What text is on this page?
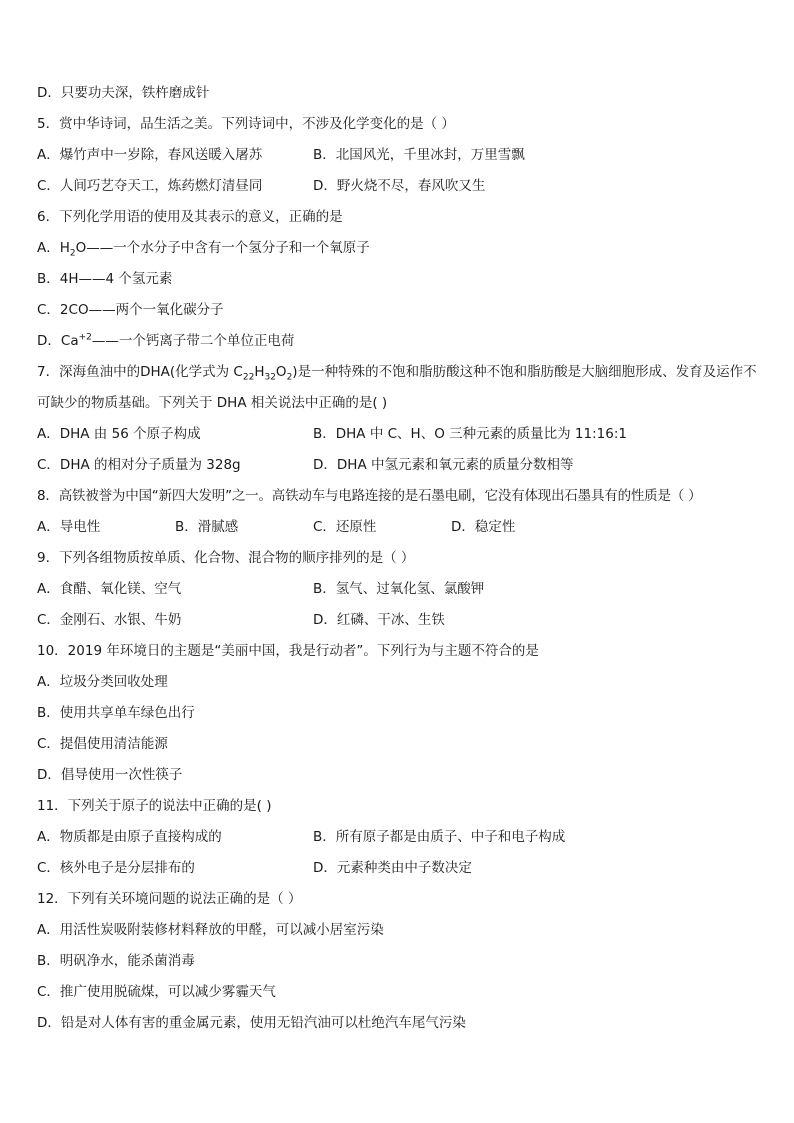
D．只要功夫深，铁杵磨成针
5．赏中华诗词，品生活之美。下列诗词中，不涉及化学变化的是（ ）
A．爆竹声中一岁除，春风送暖入屠苏	B．北国风光，千里冰封，万里雪飘
C．人间巧艺夺天工，炼药燃灯清昼同	D．野火烧不尽，春风吹又生
6．下列化学用语的使用及其表示的意义，正确的是
A．$H_2O——$一个水分子中含有一个氢分子和一个氧原子
B．4H——4 个氢元素
C．2CO——两个一氧化碳分子
D．$Ca^{+2}——$一个钙离子带二个单位正电荷
7．深海鱼油中的DHA(化学式为 $C_{22}H_{32}O_2$)是一种特殊的不饱和脂肪酸这种不饱和脂肪酸是大脑细胞形成、发育及运作不可缺少的物质基础。下列关于 DHA 相关说法中正确的是( )
A．DHA 由 56 个原子构成	B．DHA 中 C、H、O 三种元素的质量比为 11:16:1
C．DHA 的相对分子质量为 328g	D．DHA 中氢元素和氧元素的质量分数相等
8．高铁被誉为中国“新四大发明”之一。高铁动车与电路连接的是石墨电刷，它没有体现出石墨具有的性质是（ ）
A．导电性	B．滑腻感	C．还原性	D．稳定性
9．下列各组物质按单质、化合物、混合物的顺序排列的是（ ）
A．食醋、氧化镁、空气	B．氢气、过氧化氢、氯酸钾
C．金刚石、水银、牛奶	D．红磷、干冰、生铁
10．2019 年环境日的主题是“美丽中国，我是行动者”。下列行为与主题不符合的是
A．垃圾分类回收处理
B．使用共享单车绿色出行
C．提倡使用清洁能源
D．倡导使用一次性筷子
11．下列关于原子的说法中正确的是( )
A．物质都是由原子直接构成的	B．所有原子都是由质子、中子和电子构成
C．核外电子是分层排布的	D．元素种类由中子数决定
12．下列有关环境问题的说法正确的是（ ）
A．用活性炭吸附装修材料释放的甲醛，可以减小居室污染
B．明矾净水，能杀菌消毒
C．推广使用脱硫煤，可以减少雾霾天气
D．铅是对人体有害的重金属元素，使用无铅汽油可以杜绝汽车尾气污染
